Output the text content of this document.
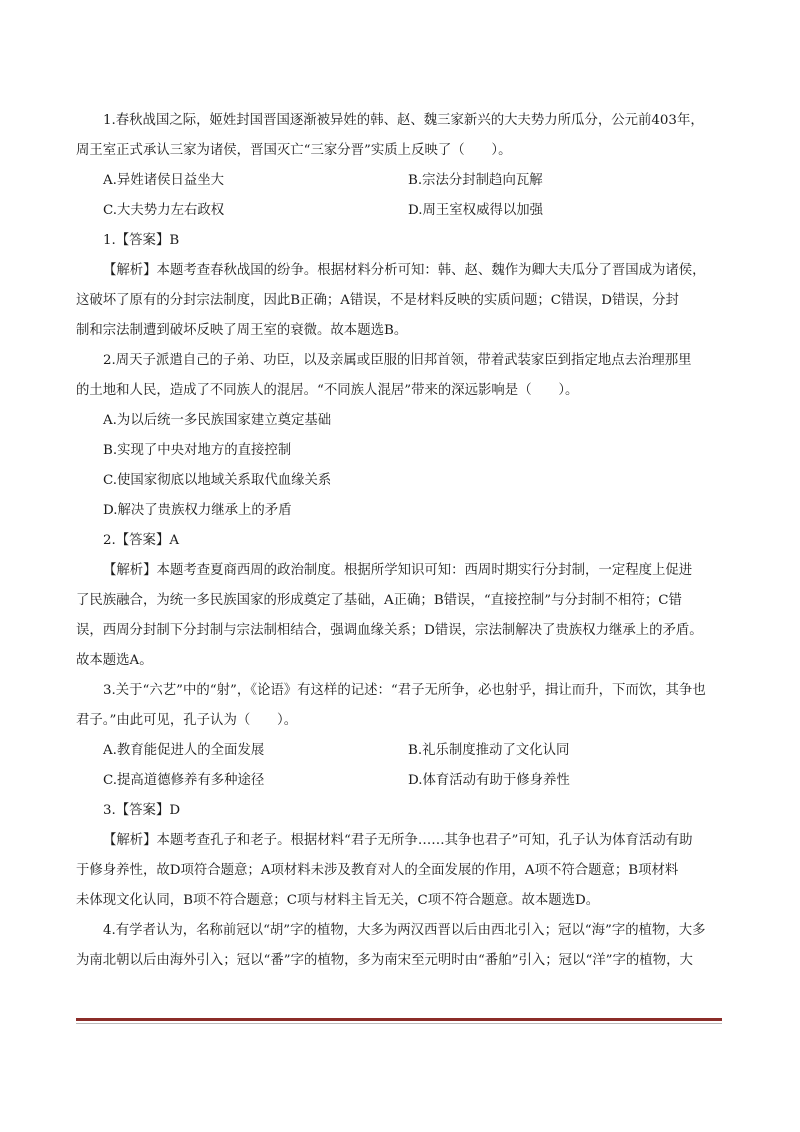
1.春秋战国之际，姬姓封国晋国逐渐被异姓的韩、赵、魏三家新兴的大夫势力所瓜分，公元前403年，
周王室正式承认三家为诸侯，晋国灭亡“三家分晋”实质上反映了（　　）。
A.异姓诸侯日益坐大	B.宗法分封制趋向瓦解
C.大夫势力左右政权	D.周王室权威得以加强
1.【答案】B
【解析】本题考查春秋战国的纷争。根据材料分析可知：韩、赵、魏作为卿大夫瓜分了晋国成为诸侯，
这破坏了原有的分封宗法制度，因此B正确；A错误，不是材料反映的实质问题；C错误，D错误，分封
制和宗法制遭到破坏反映了周王室的衰微。故本题选B。
2.周天子派遣自己的子弟、功臣，以及亲属或臣服的旧邦首领，带着武装家臣到指定地点去治理那里
的土地和人民，造成了不同族人的混居。“不同族人混居”带来的深远影响是（　　）。
A.为以后统一多民族国家建立奠定基础
B.实现了中央对地方的直接控制
C.使国家彻底以地域关系取代血缘关系
D.解决了贵族权力继承上的矛盾
2.【答案】A
【解析】本题考查夏商西周的政治制度。根据所学知识可知：西周时期实行分封制，一定程度上促进
了民族融合，为统一多民族国家的形成奠定了基础，A正确；B错误，“直接控制”与分封制不相符；C错
误，西周分封制下分封制与宗法制相结合，强调血缘关系；D错误，宗法制解决了贵族权力继承上的矛盾。
故本题选A。
3.关于“六艺”中的“射”，《论语》有这样的记述：“君子无所争，必也射乎，揖让而升，下而饮，其争也
君子。”由此可见，孔子认为（　　）。
A.教育能促进人的全面发展	B.礼乐制度推动了文化认同
C.提高道德修养有多种途径	D.体育活动有助于修身养性
3.【答案】D
【解析】本题考查孔子和老子。根据材料“君子无所争……其争也君子”可知，孔子认为体育活动有助
于修身养性，故D项符合题意；A项材料未涉及教育对人的全面发展的作用，A项不符合题意；B项材料
未体现文化认同，B项不符合题意；C项与材料主旨无关，C项不符合题意。故本题选D。
4.有学者认为，名称前冠以“胡”字的植物，大多为两汉西晋以后由西北引入；冠以“海”字的植物，大多
为南北朝以后由海外引入；冠以“番”字的植物，多为南宋至元明时由“番舶”引入；冠以“洋”字的植物，大
